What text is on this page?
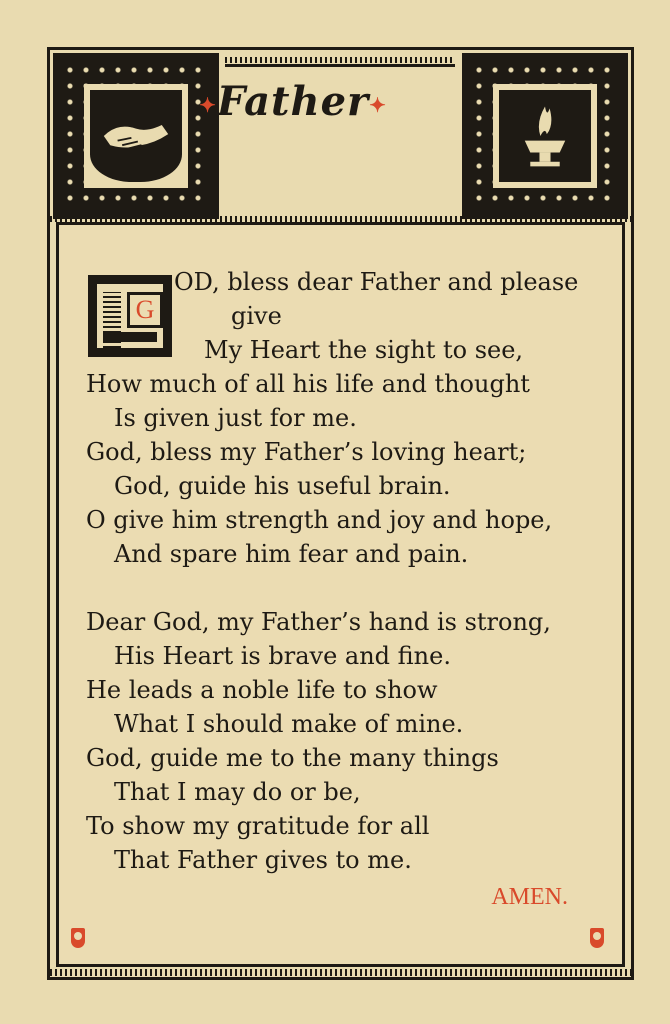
✦Father✦
G
OD, bless dear Father and please
give
My Heart the sight to see,
How much of all his life and thought
Is given just for me.
God, bless my Father’s loving heart;
God, guide his useful brain.
O give him strength and joy and hope,
And spare him fear and pain.
Dear God, my Father’s hand is strong,
His Heart is brave and fine.
He leads a noble life to show
What I should make of mine.
God, guide me to the many things
That I may do or be,
To show my gratitude for all
That Father gives to me.
AMEN.
